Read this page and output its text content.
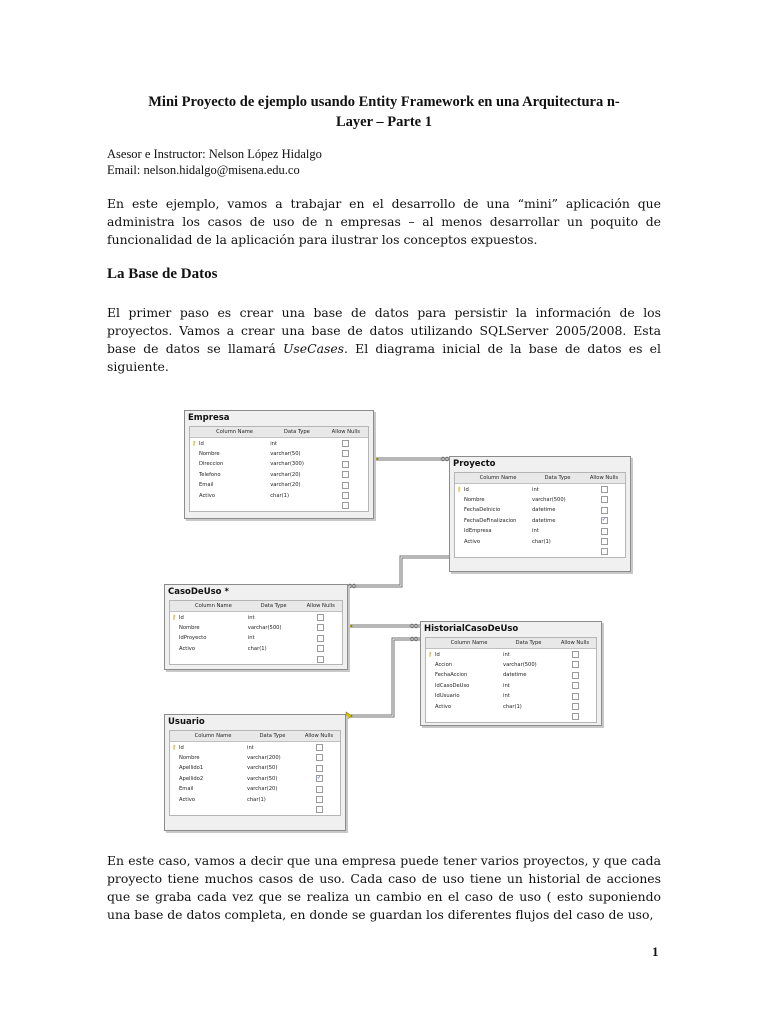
Mini Proyecto de ejemplo usando Entity Framework en una Arquitectura n-
Layer – Parte 1
Asesor e Instructor: Nelson López Hidalgo
Email: nelson.hidalgo@misena.edu.co

En este ejemplo, vamos a trabajar en el desarrollo de una “mini” aplicación que administra los casos de uso de n empresas – al menos desarrollar un poquito de funcionalidad de la aplicación para ilustrar los conceptos expuestos.

La Base de Datos

El primer paso es crear una base de datos para persistir la información de los proyectos. Vamos a crear una base de datos utilizando SQLServer 2005/2008. Esta base de datos se llamará UseCases. El diagrama inicial de la base de datos es el siguiente.

Empresa
Column Name	Data Type	Allow Nulls
⚷ Id	int
Nombre	varchar(50)
Direccion	varchar(300)
Telefono	varchar(20)
Email	varchar(20)
Activo	char(1)
Proyecto
Column Name	Data Type	Allow Nulls
⚷ Id	int
Nombre	varchar(500)
FechaDeInicio	datetime
FechaDeFinalizacion	datetime	✓
IdEmpresa	int
Activo	char(1)
CasoDeUso *
Column Name	Data Type	Allow Nulls
⚷ Id	int
Nombre	varchar(500)
IdProyecto	int
Activo	char(1)
HistorialCasoDeUso
Column Name	Data Type	Allow Nulls
⚷ Id	int
Accion	varchar(500)
FechaAccion	datetime
IdCasoDeUso	int
IdUsuario	int
Activo	char(1)
Usuario
Column Name	Data Type	Allow Nulls
⚷ Id	int
Nombre	varchar(200)
Apellido1	varchar(50)
Apellido2	varchar(50)	✓
Email	varchar(20)
Activo	char(1)

En este caso, vamos a decir que una empresa puede tener varios proyectos, y que cada proyecto tiene muchos casos de uso. Cada caso de uso tiene un historial de acciones que se graba cada vez que se realiza un cambio en el caso de uso ( esto suponiendo una base de datos completa, en donde se guardan los diferentes flujos del caso de uso,

1
